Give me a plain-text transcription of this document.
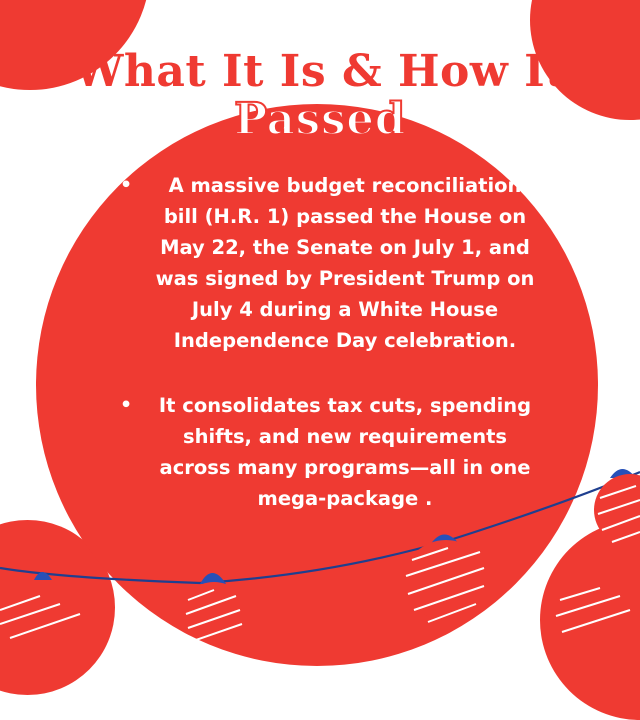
What It Is & How It
Passed
• A massive budget reconciliation bill (H.R. 1) passed the House on May 22, the Senate on July 1, and was signed by President Trump on July 4 during a White House Independence Day celebration.
• It consolidates tax cuts, spending shifts, and new requirements across many programs—all in one mega-package .
